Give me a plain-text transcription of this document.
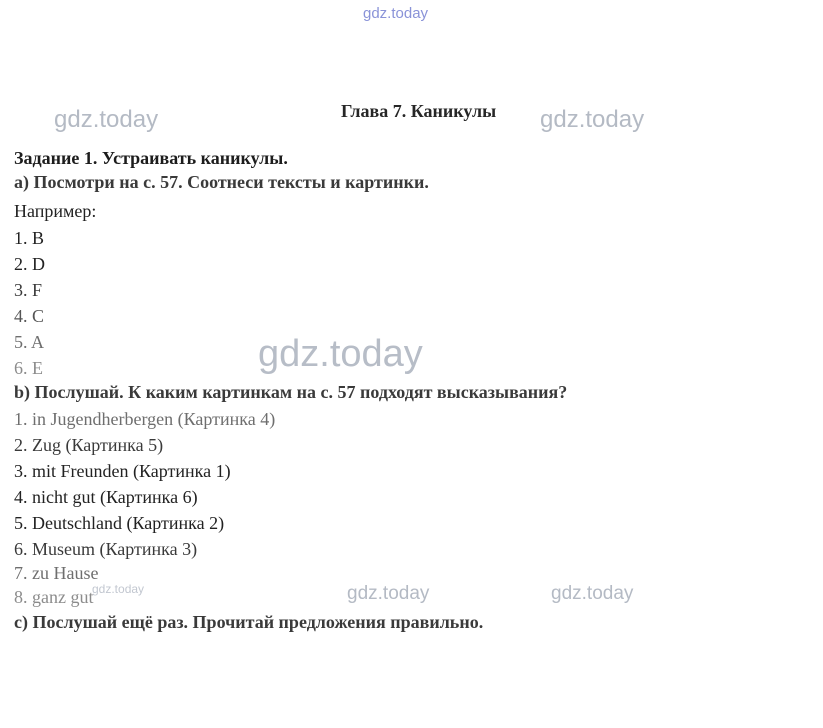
gdz.today
gdz.today	gdz.today
Глава 7. Каникулы
Задание 1. Устраивать каникулы.
a) Посмотри на с. 57. Соотнеси тексты и картинки.
Например:
1. B
2. D
3. F
4. C
5. A
6. E	gdz.today
b) Послушай. К каким картинкам на с. 57 подходят высказывания?
1. in Jugendherbergen (Картинка 4)
2. Zug (Картинка 5)
3. mit Freunden (Картинка 1)
4. nicht gut (Картинка 6)
5. Deutschland (Картинка 2)
6. Museum (Картинка 3)
7. zu Hause
8. ganz gut
gdz.today	gdz.today	gdz.today
c) Послушай ещё раз. Прочитай предложения правильно.
